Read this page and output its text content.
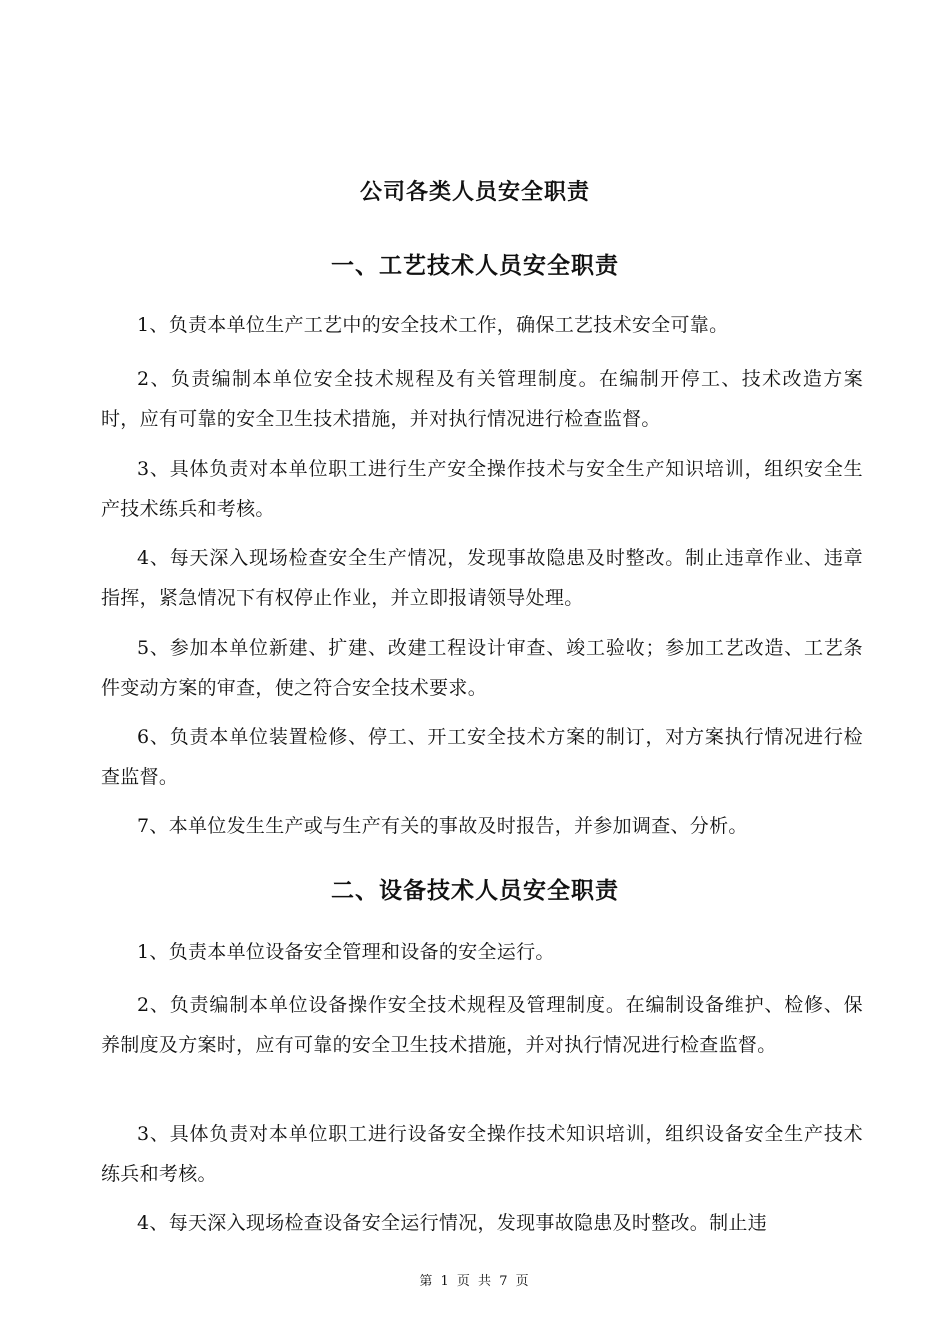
公司各类人员安全职责
一、工艺技术人员安全职责

1、负责本单位生产工艺中的安全技术工作，确保工艺技术安全可靠。

2、负责编制本单位安全技术规程及有关管理制度。在编制开停工、技术改造方案时，应有可靠的安全卫生技术措施，并对执行情况进行检查监督。

3、具体负责对本单位职工进行生产安全操作技术与安全生产知识培训，组织安全生产技术练兵和考核。

4、每天深入现场检查安全生产情况，发现事故隐患及时整改。制止违章作业、违章指挥，紧急情况下有权停止作业，并立即报请领导处理。

5、参加本单位新建、扩建、改建工程设计审查、竣工验收；参加工艺改造、工艺条件变动方案的审查，使之符合安全技术要求。

6、负责本单位装置检修、停工、开工安全技术方案的制订，对方案执行情况进行检查监督。

7、本单位发生生产或与生产有关的事故及时报告，并参加调查、分析。

二、设备技术人员安全职责

1、负责本单位设备安全管理和设备的安全运行。

2、负责编制本单位设备操作安全技术规程及管理制度。在编制设备维护、检修、保养制度及方案时，应有可靠的安全卫生技术措施，并对执行情况进行检查监督。

3、具体负责对本单位职工进行设备安全操作技术知识培训，组织设备安全生产技术练兵和考核。

4、每天深入现场检查设备安全运行情况，发现事故隐患及时整改。制止违

第 1 页 共 7 页
